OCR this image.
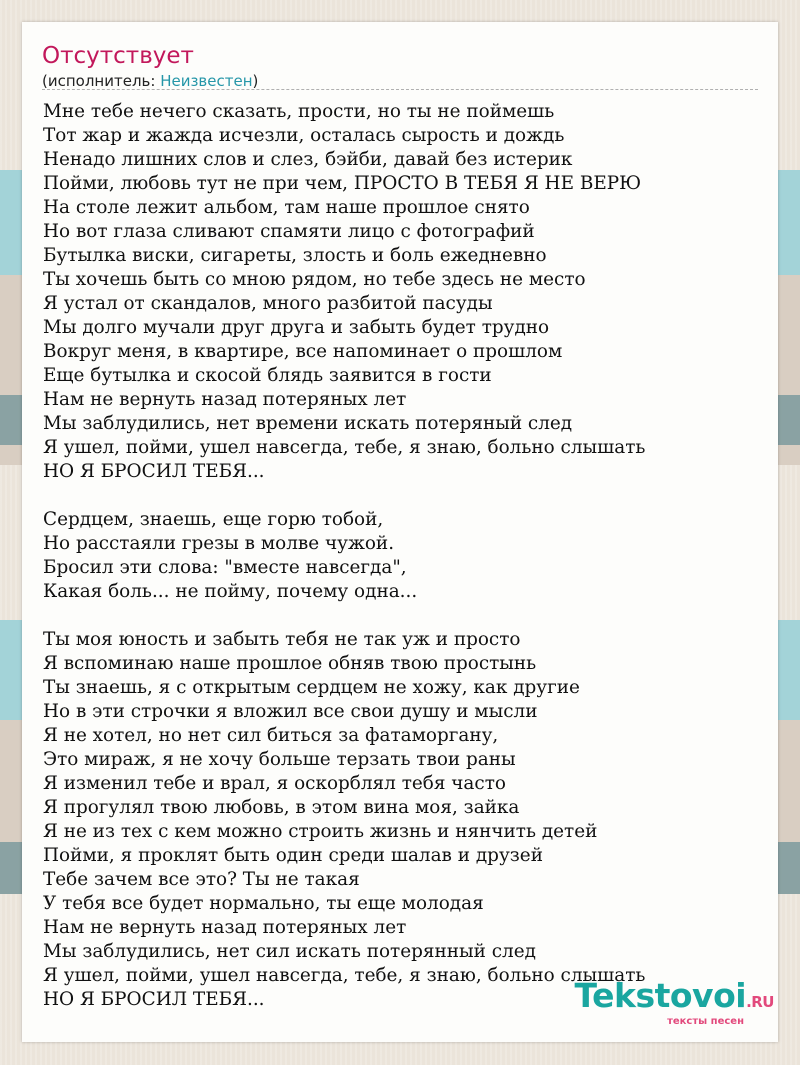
Отсутствует
(исполнитель: Неизвестен)
Мне тебе нечего сказать, прости, но ты не поймешь
Тот жар и жажда исчезли, осталась сырость и дождь
Ненадо лишних слов и слез, бэйби, давай без истерик
Пойми, любовь тут не при чем, ПРОСТО В ТЕБЯ Я НЕ ВЕРЮ
На столе лежит альбом, там наше прошлое снято
Но вот глаза сливают спамяти лицо с фотографий
Бутылка виски, сигареты, злость и боль ежедневно
Ты хочешь быть со мною рядом, но тебе здесь не место
Я устал от скандалов, много разбитой пасуды
Мы долго мучали друг друга и забыть будет трудно
Вокруг меня, в квартире, все напоминает о прошлом
Еще бутылка и скосой блядь заявится в гости
Нам не вернуть назад потеряных лет
Мы заблудились, нет времени искать потеряный след
Я ушел, пойми, ушел навсегда, тебе, я знаю, больно слышать
НО Я БРОСИЛ ТЕБЯ...
Сердцем, знаешь, еще горю тобой,
Но расстаяли грезы в молве чужой.
Бросил эти слова: "вместе навсегда",
Какая боль... не пойму, почему одна...
Ты моя юность и забыть тебя не так уж и просто
Я вспоминаю наше прошлое обняв твою простынь
Ты знаешь, я с открытым сердцем не хожу, как другие
Но в эти строчки я вложил все свои душу и мысли
Я не хотел, но нет сил биться за фатаморгану,
Это мираж, я не хочу больше терзать твои раны
Я изменил тебе и врал, я оскорблял тебя часто
Я прогулял твою любовь, в этом вина моя, зайка
Я не из тех с кем можно строить жизнь и нянчить детей
Пойми, я проклят быть один среди шалав и друзей
Тебе зачем все это? Ты не такая
У тебя все будет нормально, ты еще молодая
Нам не вернуть назад потеряных лет
Мы заблудились, нет сил искать потерянный след
Я ушел, пойми, ушел навсегда, тебе, я знаю, больно слышать
НО Я БРОСИЛ ТЕБЯ...	Tekstovoi.RU
тексты песен
